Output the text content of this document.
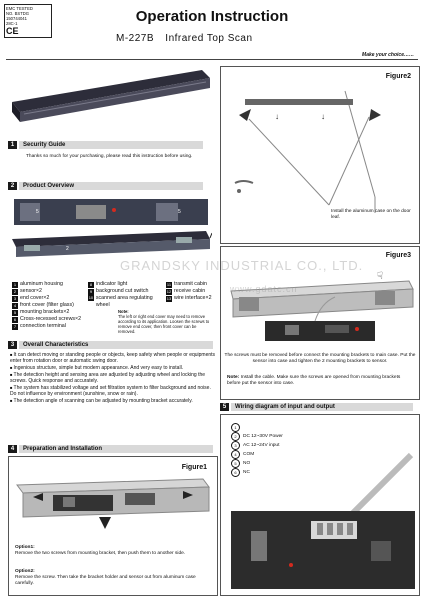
EMC TESTED
NO. BSTDG
150744041
28C-1
CE
Operation Instruction
M-227B Infrared Top Scan
Make your choice……
1	Security Guide
Thanks so much for your purchasing, please read this instruction before using.
2	Product Overview
5	5
2
1
1 aluminum housing
2 sensor×2
3 end cover×2
4 front cover (filter glass)
5 mounting brackets×2
6 Cross-recessed screws×2
7 connection terminal
8 indicator light
9 background cut switch
10 scanned area regulating wheel
11 transmit cabin
12 receive cabin
13 wire interface×2
Note:
The left or right end cover may need to remove according to its application. Loosen the screws to remove end cover, then front cover can be removed.
3	Overall Characteristics
■ It can detect moving or standing people or objects, keep safety when people or equipments enter from rotation door or automatic swing door.
■ Ingenious structure, simple but modern appearance. And very easy to install.
■ The detection height and sensing area are adjusted by adjusting wheel and locking the screws. Quick response and accurately.
■ The system has stabilized voltage and set filtration system to filter background and noise. Do not influence by environment (sunshine, snow or rain).
■ The detection angle of scanning can be adjusted by mounting bracket accurately.
4	Preparation and Installation
Figure1
Option1:
Remove the two screws from mounting bracket, then push them to another side.
Option2:
Remove the screw. Then take the bracket holder and sensor out from aluminum case carefully.
Figure2
↓	↓
Install the aluminum case on the door leaf.
Figure3
☟
The screws must be removed before connect the mounting brackets to main case. Put the sensor into case and tighten the 2 mounting brackets to sensor.
Note: Install the cable. Make sure the screws are opened from mounting brackets before put the sensor into case.
GRANDSKY INDUSTRIAL CO., LTD.
www.gdatc.cn
5	Wiring diagram of input and output
1
2	DC 12~30V Power
3	AC 12~24V input
4	COM
5	NO
6	NC
